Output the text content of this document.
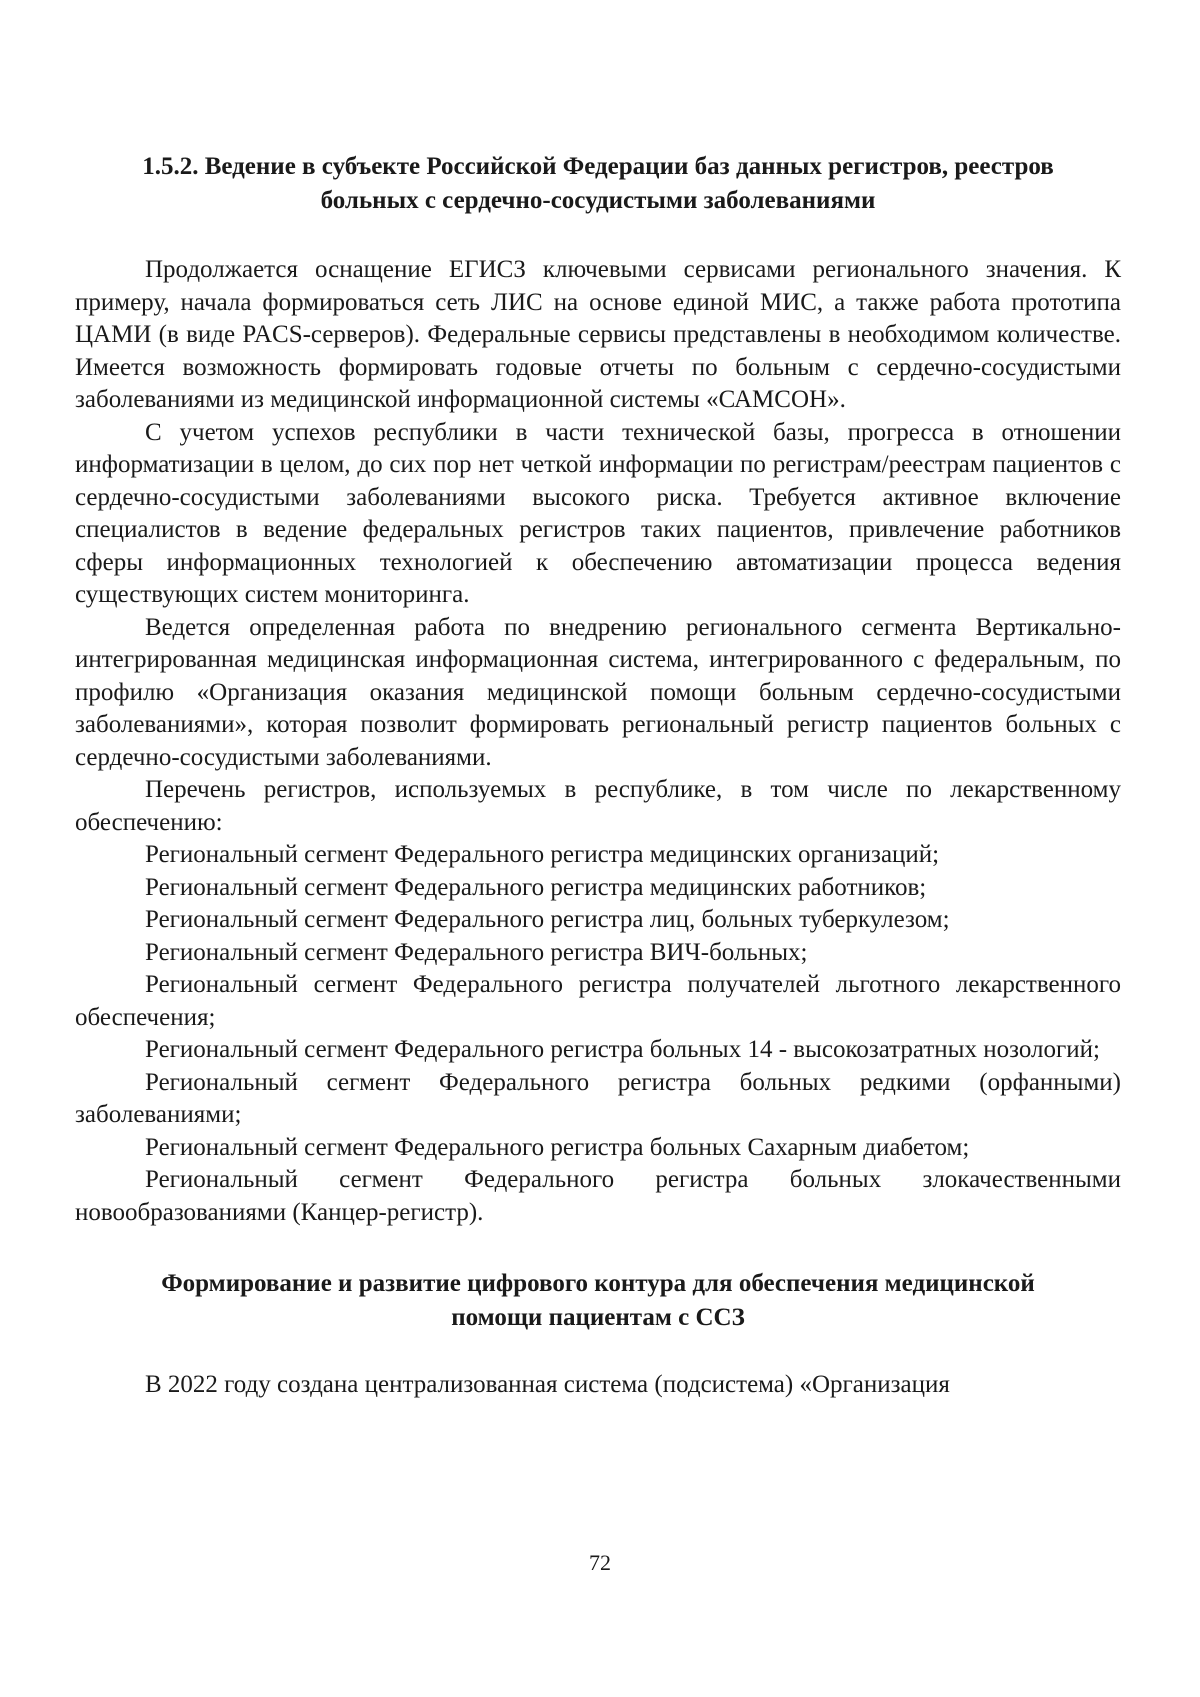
1.5.2. Ведение в субъекте Российской Федерации баз данных регистров, реестров
больных с сердечно-сосудистыми заболеваниями

Продолжается оснащение ЕГИСЗ ключевыми сервисами регионального значения. К примеру, начала формироваться сеть ЛИС на основе единой МИС, а также работа прототипа ЦАМИ (в виде PACS-серверов). Федеральные сервисы представлены в необходимом количестве. Имеется возможность формировать годовые отчеты по больным с сердечно-сосудистыми заболеваниями из медицинской информационной системы «САМСОН».

С учетом успехов республики в части технической базы, прогресса в отношении информатизации в целом, до сих пор нет четкой информации по регистрам/реестрам пациентов с сердечно-сосудистыми заболеваниями высокого риска. Требуется активное включение специалистов в ведение федеральных регистров таких пациентов, привлечение работников сферы информационных технологией к обеспечению автоматизации процесса ведения существующих систем мониторинга.

Ведется определенная работа по внедрению регионального сегмента Вертикально-интегрированная медицинская информационная система, интегрированного с федеральным, по профилю «Организация оказания медицинской помощи больным сердечно-сосудистыми заболеваниями», которая позволит формировать региональный регистр пациентов больных с сердечно-сосудистыми заболеваниями.

Перечень регистров, используемых в республике, в том числе по лекарственному обеспечению:

Региональный сегмент Федерального регистра медицинских организаций;

Региональный сегмент Федерального регистра медицинских работников;

Региональный сегмент Федерального регистра лиц, больных туберкулезом;

Региональный сегмент Федерального регистра ВИЧ-больных;

Региональный сегмент Федерального регистра получателей льготного лекарственного обеспечения;

Региональный сегмент Федерального регистра больных 14 - высокозатратных нозологий;

Региональный сегмент Федерального регистра больных редкими (орфанными) заболеваниями;

Региональный сегмент Федерального регистра больных Сахарным диабетом;

Региональный сегмент Федерального регистра больных злокачественными новообразованиями (Канцер-регистр).

Формирование и развитие цифрового контура для обеспечения медицинской
помощи пациентам с ССЗ

В 2022 году создана централизованная система (подсистема) «Организация

72
